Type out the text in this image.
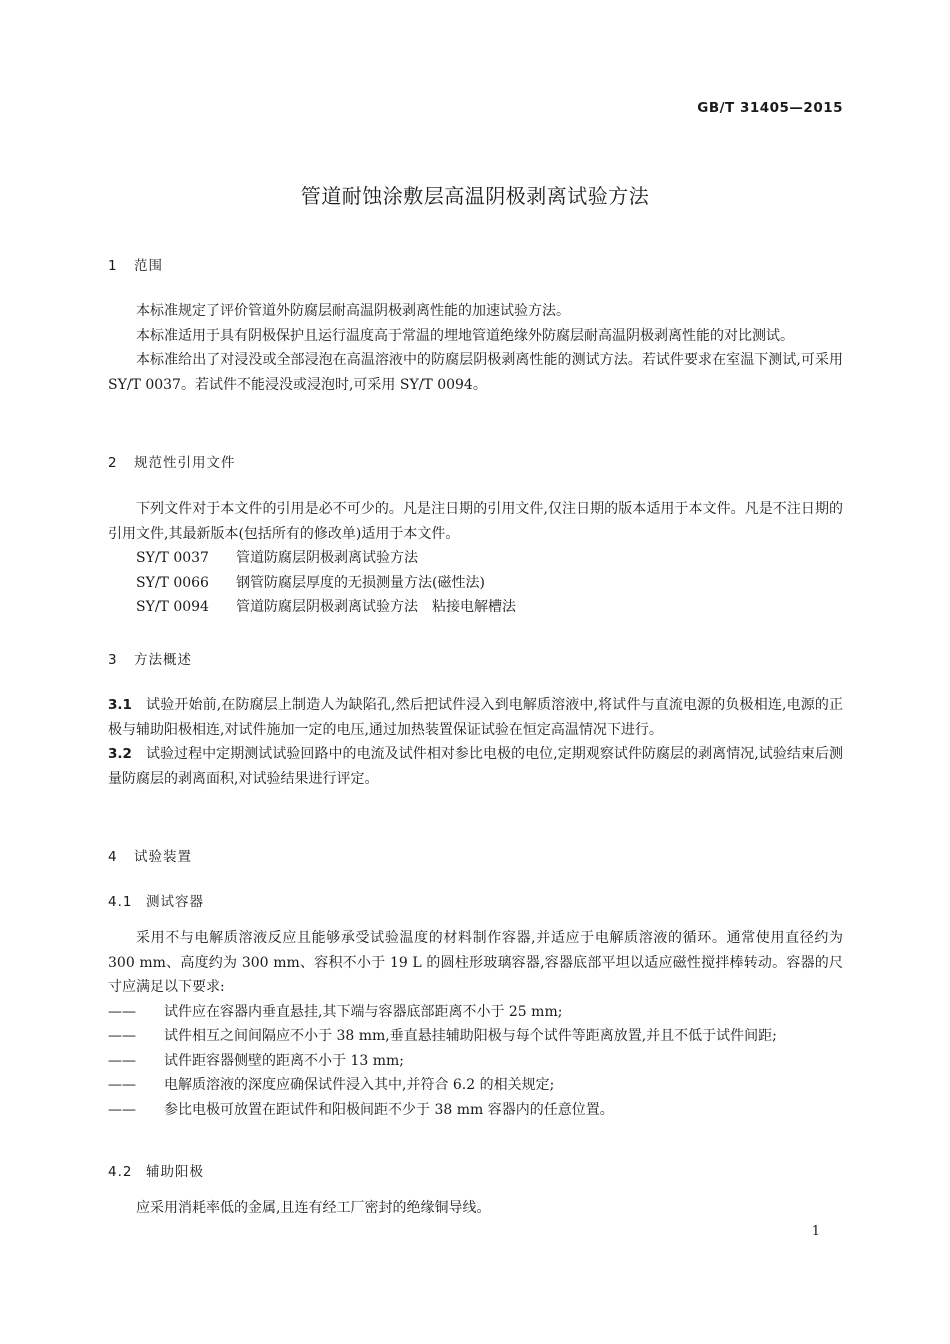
GB/T 31405—2015
管道耐蚀涂敷层高温阴极剥离试验方法
1 范围

本标准规定了评价管道外防腐层耐高温阴极剥离性能的加速试验方法。

本标准适用于具有阴极保护且运行温度高于常温的埋地管道绝缘外防腐层耐高温阴极剥离性能的对比测试。

本标准给出了对浸没或全部浸泡在高温溶液中的防腐层阴极剥离性能的测试方法。若试件要求在室温下测试,可采用 SY/T 0037。若试件不能浸没或浸泡时,可采用 SY/T 0094。

2 规范性引用文件

下列文件对于本文件的引用是必不可少的。凡是注日期的引用文件,仅注日期的版本适用于本文件。凡是不注日期的引用文件,其最新版本(包括所有的修改单)适用于本文件。

SY/T 0037 管道防腐层阴极剥离试验方法

SY/T 0066 钢管防腐层厚度的无损测量方法(磁性法)

SY/T 0094 管道防腐层阴极剥离试验方法　粘接电解槽法

3 方法概述

3.1 试验开始前,在防腐层上制造人为缺陷孔,然后把试件浸入到电解质溶液中,将试件与直流电源的负极相连,电源的正极与辅助阳极相连,对试件施加一定的电压,通过加热装置保证试验在恒定高温情况下进行。

3.2 试验过程中定期测试试验回路中的电流及试件相对参比电极的电位,定期观察试件防腐层的剥离情况,试验结束后测量防腐层的剥离面积,对试验结果进行评定。

4 试验装置
4.1 测试容器

采用不与电解质溶液反应且能够承受试验温度的材料制作容器,并适应于电解质溶液的循环。通常使用直径约为 300 mm、高度约为 300 mm、容积不小于 19 L 的圆柱形玻璃容器,容器底部平坦以适应磁性搅拌棒转动。容器的尺寸应满足以下要求:

—— 试件应在容器内垂直悬挂,其下端与容器底部距离不小于 25 mm;

—— 试件相互之间间隔应不小于 38 mm,垂直悬挂辅助阳极与每个试件等距离放置,并且不低于试件间距;

—— 试件距容器侧壁的距离不小于 13 mm;

—— 电解质溶液的深度应确保试件浸入其中,并符合 6.2 的相关规定;

—— 参比电极可放置在距试件和阳极间距不少于 38 mm 容器内的任意位置。

4.2 辅助阳极

应采用消耗率低的金属,且连有经工厂密封的绝缘铜导线。

1
